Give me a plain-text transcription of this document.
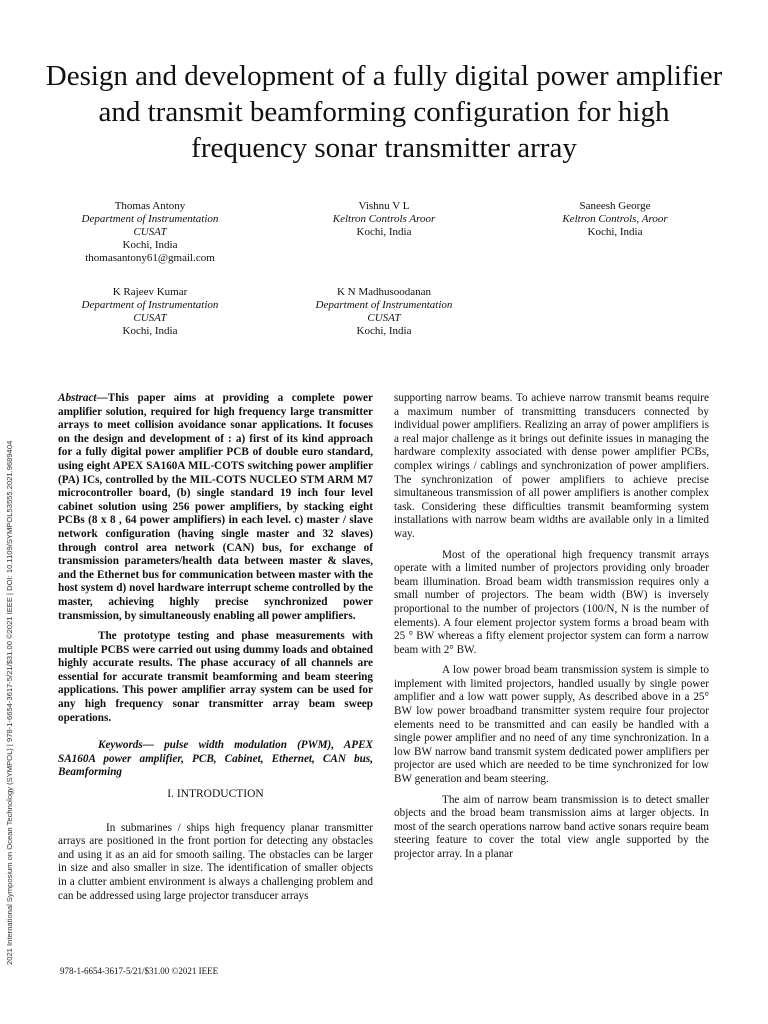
Design and development of a fully digital power amplifier and transmit beamforming configuration for high frequency sonar transmitter array
Thomas Antony
Department of Instrumentation
CUSAT
Kochi, India
thomasantony61@gmail.com
Vishnu V L
Keltron Controls Aroor
Kochi, India
Saneesh George
Keltron Controls, Aroor
Kochi, India
K Rajeev Kumar
Department of Instrumentation
CUSAT
Kochi, India
K N Madhusoodanan
Department of Instrumentation
CUSAT
Kochi, India
2021 International Symposium on Ocean Technology (SYMPOL) | 978-1-6654-3617-5/21/$31.00 ©2021 IEEE | DOI: 10.1109/SYMPOL53555.2021.9689404

Abstract—This paper aims at providing a complete power amplifier solution, required for high frequency large transmitter arrays to meet collision avoidance sonar applications. It focuses on the design and development of : a) first of its kind approach for a fully digital power amplifier PCB of double euro standard, using eight APEX SA160A MIL-COTS switching power amplifier (PA) ICs, controlled by the MIL-COTS NUCLEO STM ARM M7 microcontroller board, (b) single standard 19 inch four level cabinet solution using 256 power amplifiers, by stacking eight PCBs (8 x 8 , 64 power amplifiers) in each level. c) master / slave network configuration (having single master and 32 slaves) through control area network (CAN) bus, for exchange of transmission parameters/health data between master & slaves, and the Ethernet bus for communication between master with the host system d) novel hardware interrupt scheme controlled by the master, achieving highly precise synchronized power transmission, by simultaneously enabling all power amplifiers.

The prototype testing and phase measurements with multiple PCBS were carried out using dummy loads and obtained highly accurate results. The phase accuracy of all channels are essential for accurate transmit beamforming and beam steering applications. This power amplifier array system can be used for any high frequency sonar transmitter array beam sweep operations.

Keywords— pulse width modulation (PWM), APEX SA160A power amplifier, PCB, Cabinet, Ethernet, CAN bus, Beamforming

I. INTRODUCTION

In submarines / ships high frequency planar transmitter arrays are positioned in the front portion for detecting any obstacles and using it as an aid for smooth sailing. The obstacles can be larger in size and also smaller in size. The identification of smaller objects in a clutter ambient environment is always a challenging problem and can be addressed using large projector transducer arrays

supporting narrow beams. To achieve narrow transmit beams require a maximum number of transmitting transducers connected by individual power amplifiers. Realizing an array of power amplifiers is a real major challenge as it brings out definite issues in managing the hardware complexity associated with dense power amplifier PCBs, complex wirings / cablings and synchronization of power amplifiers. The synchronization of power amplifiers to achieve precise simultaneous transmission of all power amplifiers is another complex task. Considering these difficulties transmit beamforming system installations with narrow beam widths are available only in a limited way.

Most of the operational high frequency transmit arrays operate with a limited number of projectors providing only broader beam illumination. Broad beam width transmission requires only a small number of projectors. The beam width (BW) is inversely proportional to the number of projectors (100/N, N is the number of elements). A four element projector system forms a broad beam with 25 ° BW whereas a fifty element projector system can form a narrow beam with 2° BW.

A low power broad beam transmission system is simple to implement with limited projectors, handled usually by single power amplifier and a low watt power supply, As described above in a 25° BW low power broadband transmitter system require four projector elements need to be transmitted and can easily be handled with a single power amplifier and no need of any time synchronization. In a low BW narrow band transmit system dedicated power amplifiers per projector are used which are needed to be time synchronized for low BW generation and beam steering.

The aim of narrow beam transmission is to detect smaller objects and the broad beam transmission aims at larger objects. In most of the search operations narrow band active sonars require beam steering feature to cover the total view angle supported by the projector array. In a planar

978-1-6654-3617-5/21/$31.00 ©2021 IEEE
